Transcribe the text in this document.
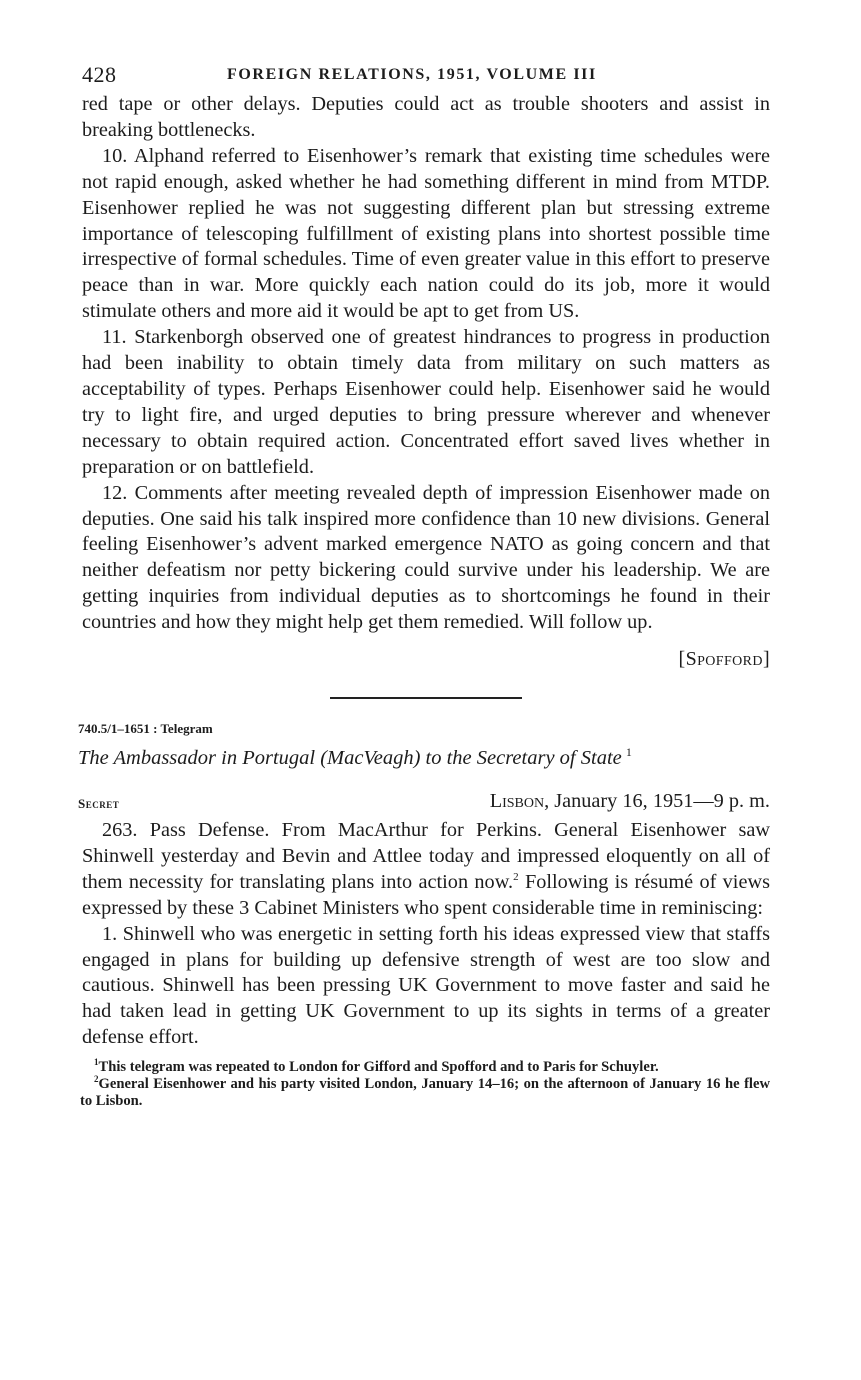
428	FOREIGN RELATIONS, 1951, VOLUME III

red tape or other delays. Deputies could act as trouble shooters and assist in breaking bottlenecks.

10. Alphand referred to Eisenhower’s remark that existing time schedules were not rapid enough, asked whether he had something different in mind from MTDP. Eisenhower replied he was not suggesting different plan but stressing extreme importance of telescoping fulfillment of existing plans into shortest possible time irrespective of formal schedules. Time of even greater value in this effort to preserve peace than in war. More quickly each nation could do its job, more it would stimulate others and more aid it would be apt to get from US.

11. Starkenborgh observed one of greatest hindrances to progress in production had been inability to obtain timely data from military on such matters as acceptability of types. Perhaps Eisenhower could help. Eisenhower said he would try to light fire, and urged deputies to bring pressure wherever and whenever necessary to obtain required action. Concentrated effort saved lives whether in preparation or on battlefield.

12. Comments after meeting revealed depth of impression Eisenhower made on deputies. One said his talk inspired more confidence than 10 new divisions. General feeling Eisenhower’s advent marked emergence NATO as going concern and that neither defeatism nor petty bickering could survive under his leadership. We are getting inquiries from individual deputies as to shortcomings he found in their countries and how they might help get them remedied. Will follow up.

[Spofford]
740.5/1–1651 : Telegram
The Ambassador in Portugal (MacVeagh) to the Secretary of State  $^1$
Secret	Lisbon, January 16, 1951—9 p. m.

263. Pass Defense. From MacArthur for Perkins. General Eisenhower saw Shinwell yesterday and Bevin and Attlee today and impressed eloquently on all of them necessity for translating plans into action now.$^2$ Following is résumé of views expressed by these 3 Cabinet Ministers who spent considerable time in reminiscing:

1. Shinwell who was energetic in setting forth his ideas expressed view that staffs engaged in plans for building up defensive strength of west are too slow and cautious. Shinwell has been pressing UK Government to move faster and said he had taken lead in getting UK Government to up its sights in terms of a greater defense effort.

$^1$This telegram was repeated to London for Gifford and Spofford and to Paris for Schuyler.

$^2$General Eisenhower and his party visited London, January 14–16; on the afternoon of January 16 he flew to Lisbon.
